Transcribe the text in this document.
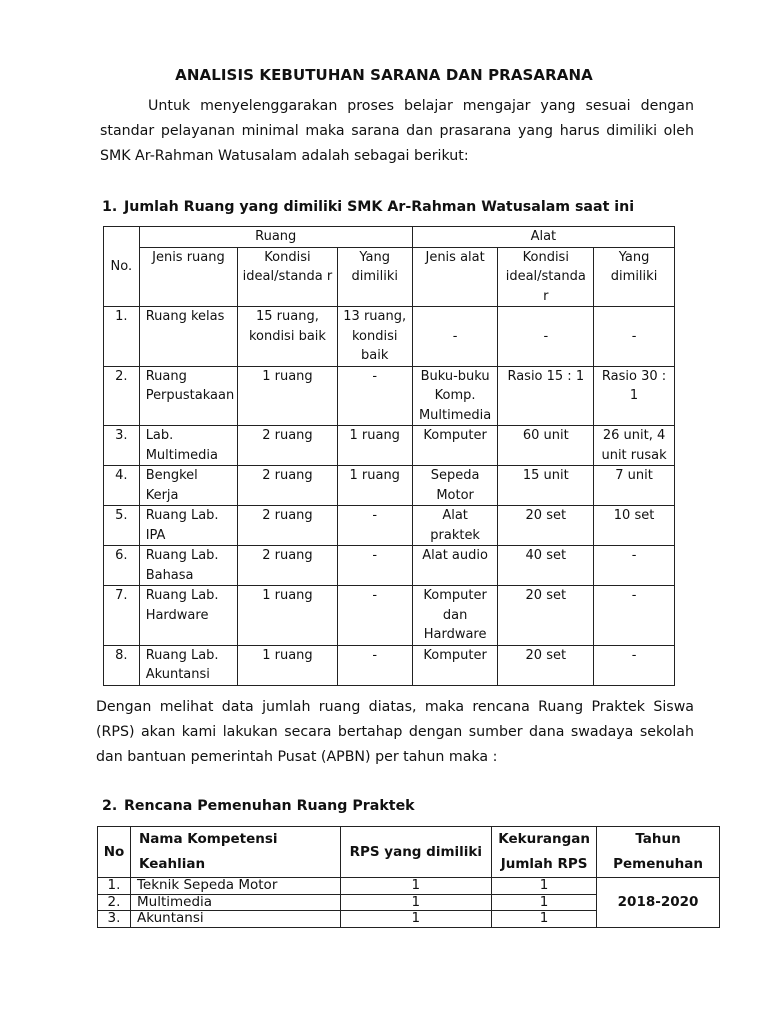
ANALISIS KEBUTUHAN SARANA DAN PRASARANA
Untuk menyelenggarakan proses belajar mengajar yang sesuai dengan standar pelayanan minimal maka sarana dan prasarana yang harus dimiliki oleh SMK Ar-Rahman Watusalam adalah sebagai berikut:
1. Jumlah Ruang yang dimiliki SMK Ar-Rahman Watusalam saat ini
No.	Ruang			Alat		
	Jenis ruang	Kondisi ideal/standa r	Yang dimiliki	Jenis alat	Kondisi ideal/standa r	Yang dimiliki
1.	Ruang kelas	15 ruang, kondisi baik	13 ruang, kondisi baik	-	-	-
2.	Ruang Perpustakaan	1 ruang	-	Buku-buku Komp. Multimedia	Rasio 15 : 1	Rasio 30 : 1
3.	Lab. Multimedia	2 ruang	1 ruang	Komputer	60 unit	26 unit, 4 unit rusak
4.	Bengkel Kerja	2 ruang	1 ruang	Sepeda Motor	15 unit	7 unit
5.	Ruang Lab. IPA	2 ruang	-	Alat praktek	20 set	10 set
6.	Ruang Lab. Bahasa	2 ruang	-	Alat audio	40 set	-
7.	Ruang Lab. Hardware	1 ruang	-	Komputer dan Hardware	20 set	-
8.	Ruang Lab. Akuntansi	1 ruang	-	Komputer	20 set	-
Dengan melihat data jumlah ruang diatas, maka rencana Ruang Praktek Siswa (RPS) akan kami lakukan secara bertahap dengan sumber dana swadaya sekolah dan bantuan pemerintah Pusat (APBN) per tahun maka :
2. Rencana Pemenuhan Ruang Praktek
No	Nama Kompetensi Keahlian	RPS yang dimiliki	Kekurangan Jumlah RPS	Tahun Pemenuhan
1.	Teknik Sepeda Motor	1	1	2018-2020
2.	Multimedia	1	1	
3.	Akuntansi	1	1	
